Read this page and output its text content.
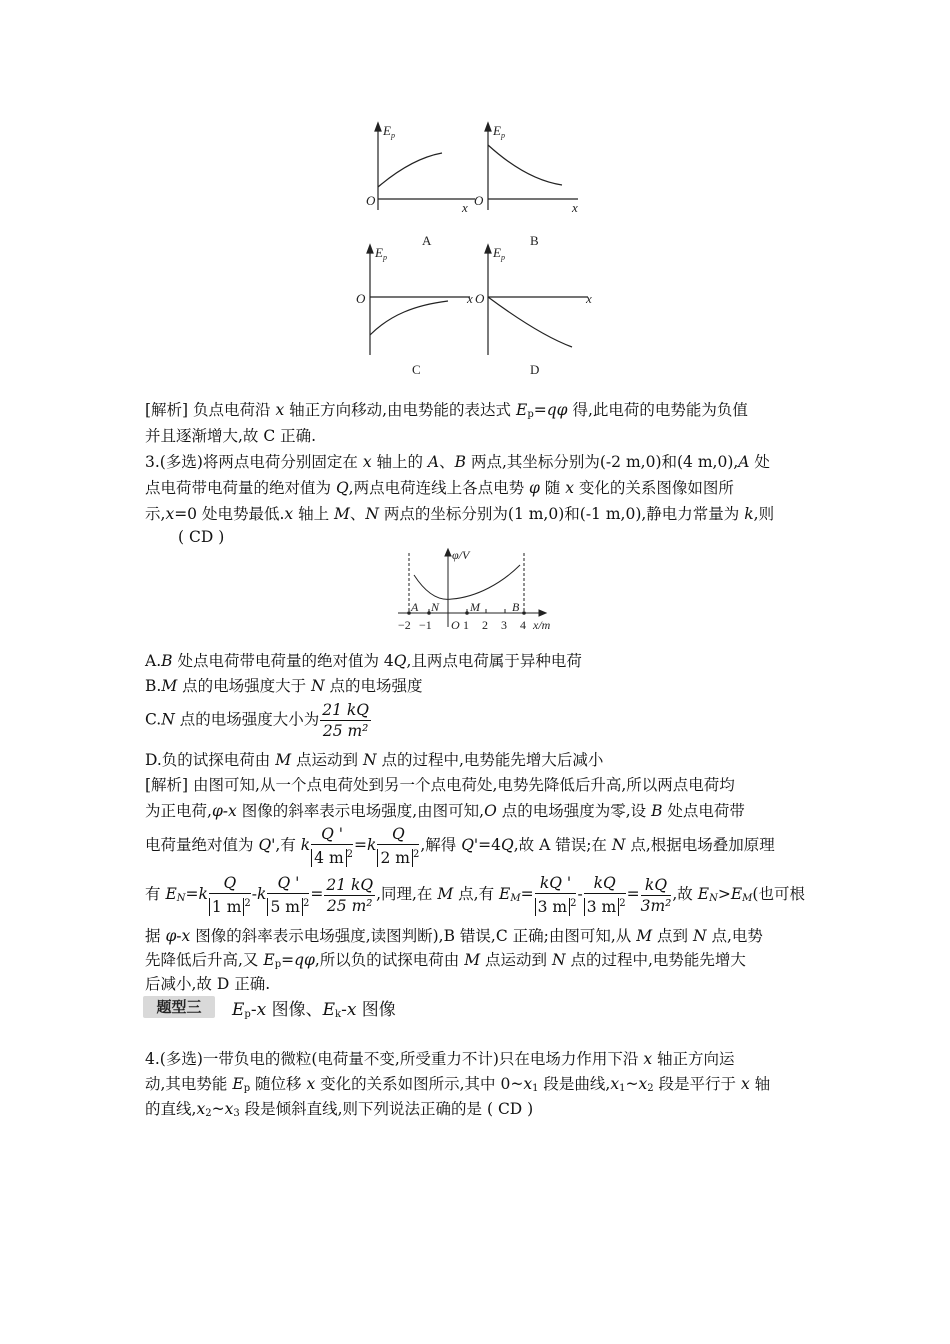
$E_p$
O	x
A
$E_p$
O	x
B
$E_p$
O	x
C
$E_p$
O	x
D
[解析] 负点电荷沿 x 轴正方向移动,由电势能的表达式 $E_p=q\varphi$ 得,此电荷的电势能为负值
并且逐渐增大,故 C 正确.
3.(多选)将两点电荷分别固定在 x 轴上的 A、B 两点,其坐标分别为(-2 m,0)和(4 m,0),A 处
点电荷带电荷量的绝对值为 Q,两点电荷连线上各点电势 φ 随 x 变化的关系图像如图所
示,x=0 处电势最低.x 轴上 M、N 两点的坐标分别为(1 m,0)和(-1 m,0),静电力常量为 k,则
( CD )
φ/V
x/m
A N	M	B
−2 −1 O 1 2 3 4
A.B 处点电荷带电荷量的绝对值为 4Q,且两点电荷属于异种电荷
B.M 点的电场强度大于 N 点的电场强度
C.N 点的电场强度大小为 $\frac{21 kQ}{\text{25 m²}}$
D.负的试探电荷由 M 点运动到 N 点的过程中,电势能先增大后减小
[解析] 由图可知,从一个点电荷处到另一个点电荷处,电势先降低后升高,所以两点电荷均
为正电荷,φ-x 图像的斜率表示电场强度,由图可知,O 点的电场强度为零,设 B 处点电荷带
电荷量绝对值为 Q',有 k $\frac{Q '}{4 m ^2} =k \frac{Q}{2 m ^2}$ ,解得 Q'=4Q,故 A 错误;在 N 点,根据电场叠加原理
有 $E_N=k \frac{Q}{1 m ^2} -k \frac{Q '}{5 m ^2} = \frac{21 kQ}{\text{25 m²}}$ ,同理,在 M 点,有 $E_M= \frac{kQ '}{3 m ^2} - \frac{kQ}{3 m ^2} = \frac{kQ}{\text{3m²}}$ ,故 $E_N>E_M$(也可根
据 φ-x 图像的斜率表示电场强度,读图判断),B 错误,C 正确;由图可知,从 M 点到 N 点,电势
先降低后升高,又 $E_p=q\varphi$,所以负的试探电荷由 M 点运动到 N 点的过程中,电势能先增大
后减小,故 D 正确.
题型三	$E_p-x$ 图像、$E_k-x$ 图像
4.(多选)一带负电的微粒(电荷量不变,所受重力不计)只在电场力作用下沿 x 轴正方向运
动,其电势能 $E_p$ 随位移 x 变化的关系如图所示,其中 $0\sim x_1$ 段是曲线$,x_1\sim x_2$ 段是平行于 x 轴
的直线$,x_2\sim x_3$ 段是倾斜直线,则下列说法正确的是 ( CD )
